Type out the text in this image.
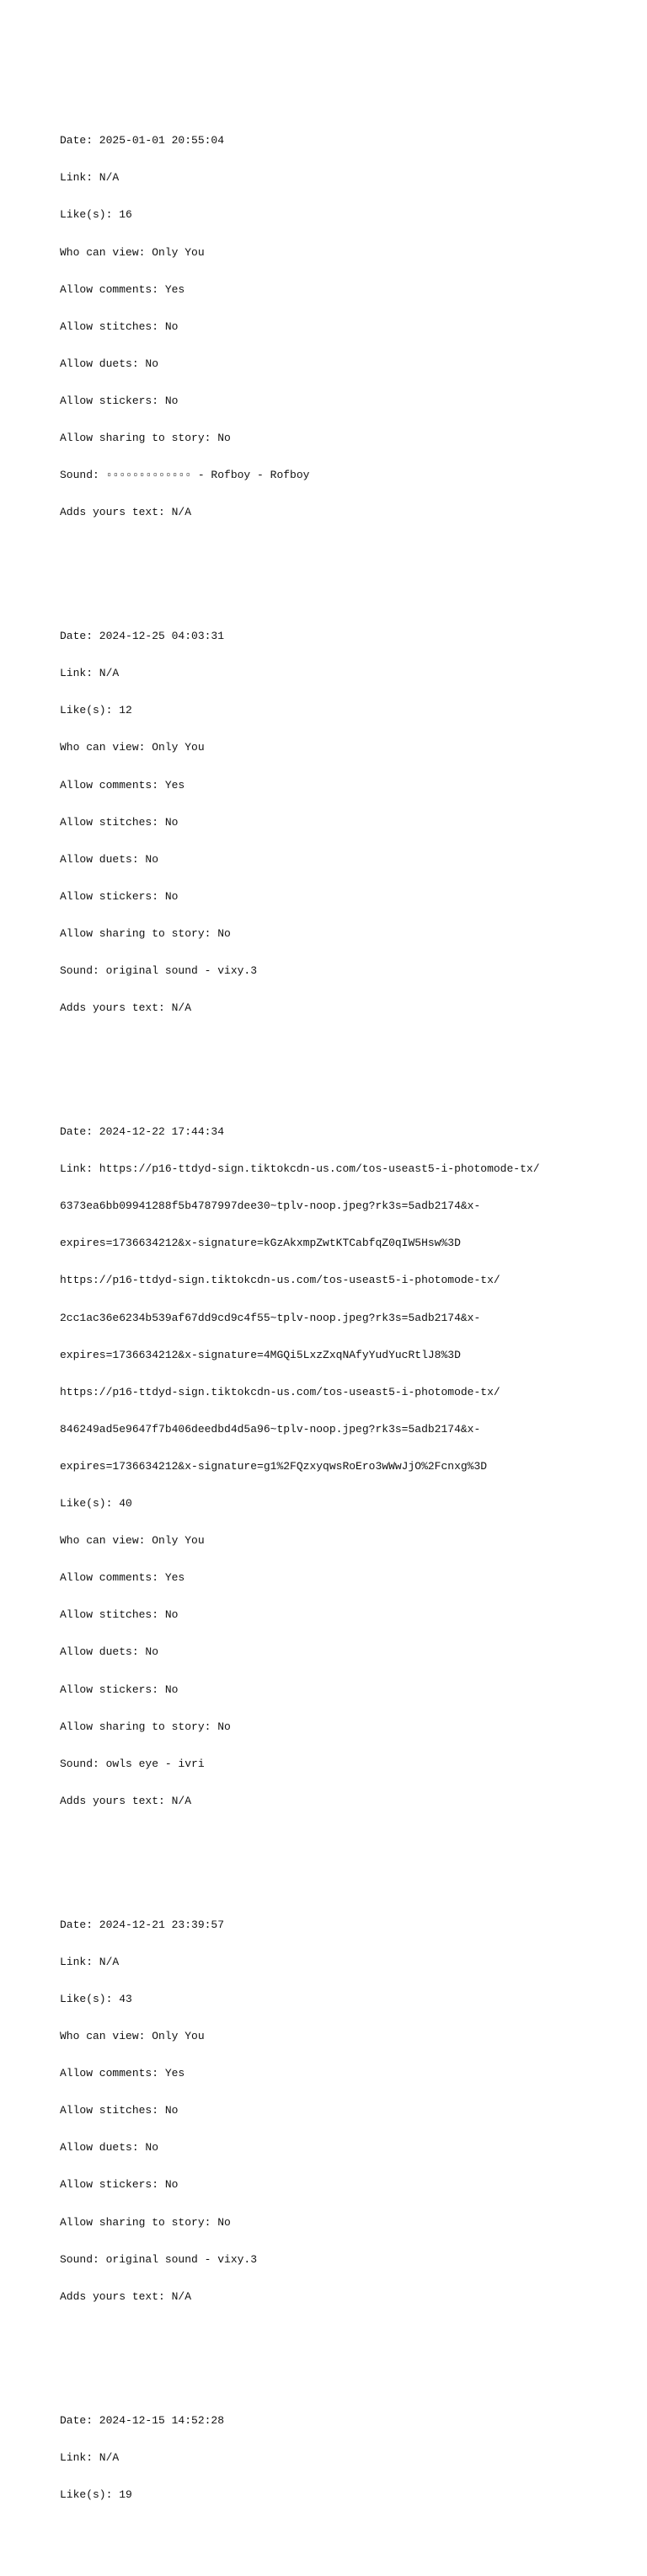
Date: 2025-01-01 20:55:04

Link: N/A

Like(s): 16

Who can view: Only You

Allow comments: Yes

Allow stitches: No

Allow duets: No

Allow stickers: No

Allow sharing to story: No

Sound: ▫▫▫▫▫▫▫▫▫▫▫▫▫ - Rofboy - Rofboy

Adds yours text: N/A

Date: 2024-12-25 04:03:31

Link: N/A

Like(s): 12

Who can view: Only You

Allow comments: Yes

Allow stitches: No

Allow duets: No

Allow stickers: No

Allow sharing to story: No

Sound: original sound - vixy.3

Adds yours text: N/A

Date: 2024-12-22 17:44:34

Link: https://p16-ttdyd-sign.tiktokcdn-us.com/tos-useast5-i-photomode-tx/

6373ea6bb09941288f5b4787997dee30~tplv-noop.jpeg?rk3s=5adb2174&x-

expires=1736634212&x-signature=kGzAkxmpZwtKTCabfqZ0qIW5Hsw%3D

https://p16-ttdyd-sign.tiktokcdn-us.com/tos-useast5-i-photomode-tx/

2cc1ac36e6234b539af67dd9cd9c4f55~tplv-noop.jpeg?rk3s=5adb2174&x-

expires=1736634212&x-signature=4MGQi5LxzZxqNAfyYudYucRtlJ8%3D

https://p16-ttdyd-sign.tiktokcdn-us.com/tos-useast5-i-photomode-tx/

846249ad5e9647f7b406deedbd4d5a96~tplv-noop.jpeg?rk3s=5adb2174&x-

expires=1736634212&x-signature=g1%2FQzxyqwsRoEro3wWwJjO%2Fcnxg%3D

Like(s): 40

Who can view: Only You

Allow comments: Yes

Allow stitches: No

Allow duets: No

Allow stickers: No

Allow sharing to story: No

Sound: owls eye - ivri

Adds yours text: N/A

Date: 2024-12-21 23:39:57

Link: N/A

Like(s): 43

Who can view: Only You

Allow comments: Yes

Allow stitches: No

Allow duets: No

Allow stickers: No

Allow sharing to story: No

Sound: original sound - vixy.3

Adds yours text: N/A

Date: 2024-12-15 14:52:28

Link: N/A

Like(s): 19
